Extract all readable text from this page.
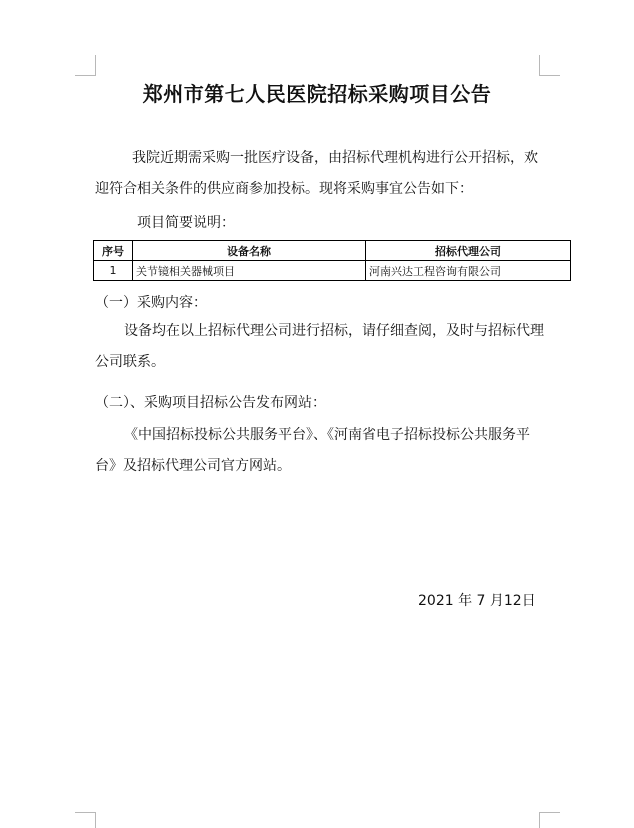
郑州市第七人民医院招标采购项目公告
我院近期需采购一批医疗设备，由招标代理机构进行公开招标，欢迎符合相关条件的供应商参加投标。现将采购事宜公告如下：
项目简要说明：
序号	设备名称	招标代理公司
1	关节镜相关器械项目	河南兴达工程咨询有限公司
（一）采购内容：
设备均在以上招标代理公司进行招标，请仔细查阅，及时与招标代理公司联系。
（二）、采购项目招标公告发布网站：
《中国招标投标公共服务平台》、《河南省电子招标投标公共服务平台》及招标代理公司官方网站。
2021 年 7 月12日
